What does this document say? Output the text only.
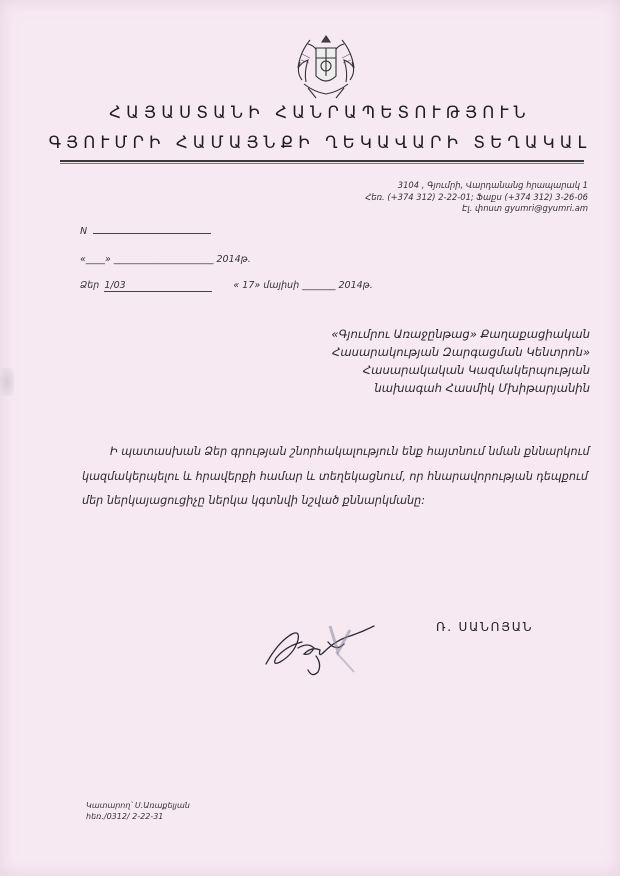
ՀԱՅԱՍՏԱՆԻ ՀԱՆՐԱՊԵՏՈՒԹՅՈՒՆ
ԳՅՈՒՄՐԻ ՀԱՄԱՅՆՔԻ ՂԵԿԱՎԱՐԻ ՏԵՂԱԿԱԼ
3104 , Գյումրի, Վարդանանց հրապարակ 1
Հեռ. (+374 312) 2-22-01; Ֆաքս (+374 312) 3-26-06
Էլ. փոստ gyumri@gyumri.am
N
«____» _____________________ 2014թ.
Ձեր 1/03	« 17» մայիսի _______ 2014թ.
«Գյումրու Առաջընթաց» Քաղաքացիական
Հասարակության Զարգացման Կենտրոն»
Հասարակական Կազմակերպության
նախագահ Հասմիկ Մխիթարյանին
Ի պատասխան Ձեր գրության շնորհակալություն ենք հայտնում նման քննարկում
կազմակերպելու և հրավերքի համար և տեղեկացնում, որ հնարավորության դեպքում
մեր ներկայացուցիչը ներկա կգտնվի նշված քննարկմանը:
Ռ. ՍԱՆՈՅԱՆ
Կատարող՝ Ս.Առաքելյան
հեռ./0312/ 2-22-31
